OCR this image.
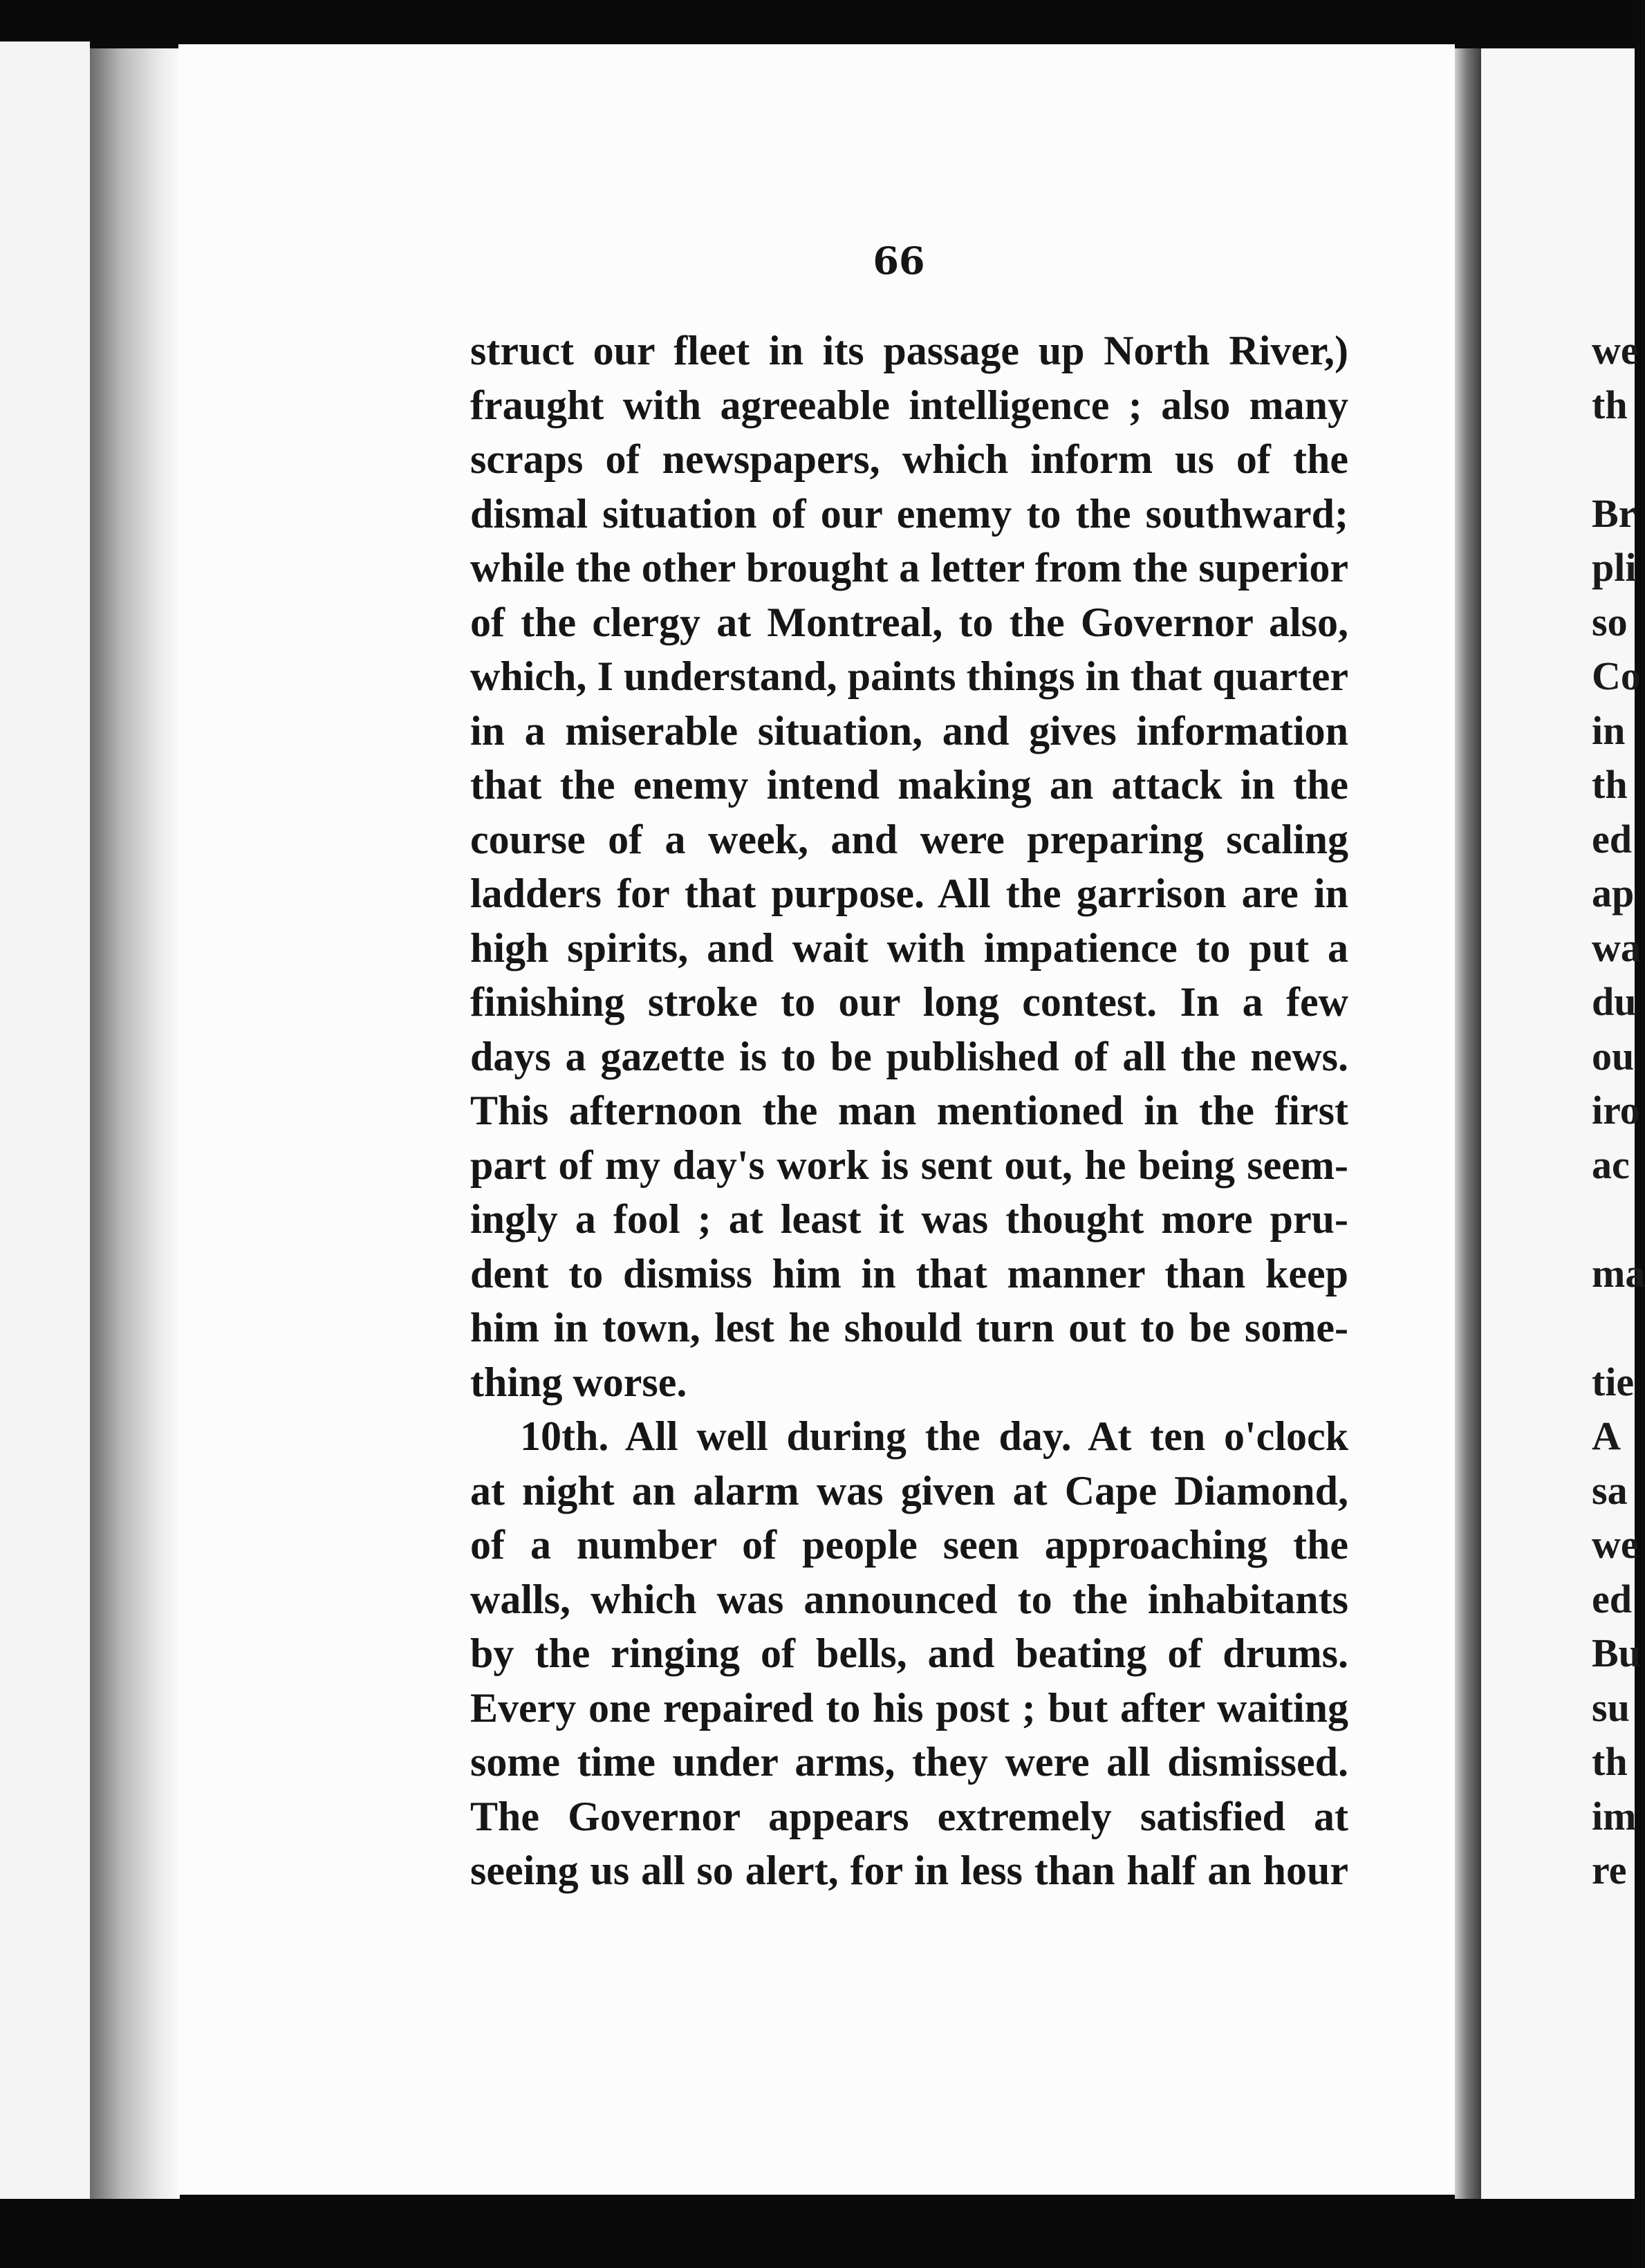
66
struct our fleet in its passage up North River,)
fraught with agreeable intelligence ; also many
scraps of newspapers, which inform us of the
dismal situation of our enemy to the southward;
while the other brought a letter from the superior
of the clergy at Montreal, to the Governor also,
which, I understand, paints things in that quarter
in a miserable situation, and gives information
that the enemy intend making an attack in the
course of a week, and were preparing scaling
ladders for that purpose. All the garrison are in
high spirits, and wait with impatience to put a
finishing stroke to our long contest. In a few
days a gazette is to be published of all the news.
This afternoon the man mentioned in the first
part of my day's work is sent out, he being seem-
ingly a fool ; at least it was thought more pru-
dent to dismiss him in that manner than keep
him in town, lest he should turn out to be some-
thing worse.
10th. All well during the day. At ten o'clock
at night an alarm was given at Cape Diamond,
of a number of people seen approaching the
walls, which was announced to the inhabitants
by the ringing of bells, and beating of drums.
Every one repaired to his post ; but after waiting
some time under arms, they were all dismissed.
The Governor appears extremely satisfied at
seeing us all so alert, for in less than half an hour
we
th
Br
pli
so
Co
in
th
ed
ap
wa
du
ou
iro
ac
ma
tie
A
sa
we
ed
Bu
su
th
im
re
